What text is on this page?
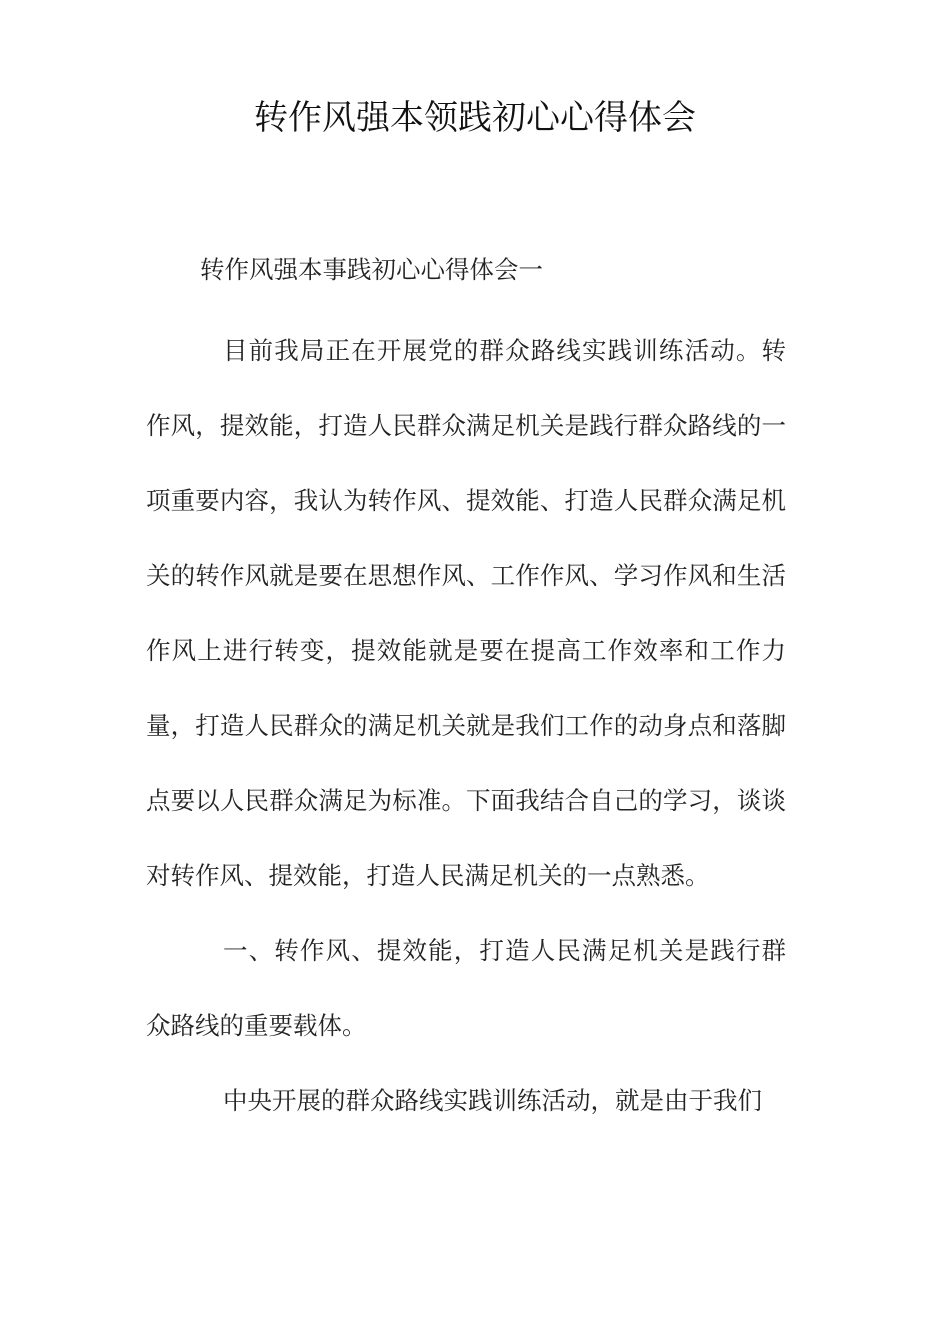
转作风强本领践初心心得体会

转作风强本事践初心心得体会一

目前我局正在开展党的群众路线实践训练活动。转作风，提效能，打造人民群众满足机关是践行群众路线的一项重要内容，我认为转作风、提效能、打造人民群众满足机关的转作风就是要在思想作风、工作作风、学习作风和生活作风上进行转变，提效能就是要在提高工作效率和工作力量，打造人民群众的满足机关就是我们工作的动身点和落脚点要以人民群众满足为标准。下面我结合自己的学习，谈谈对转作风、提效能，打造人民满足机关的一点熟悉。

一、转作风、提效能，打造人民满足机关是践行群众路线的重要载体。

中央开展的群众路线实践训练活动，就是由于我们
